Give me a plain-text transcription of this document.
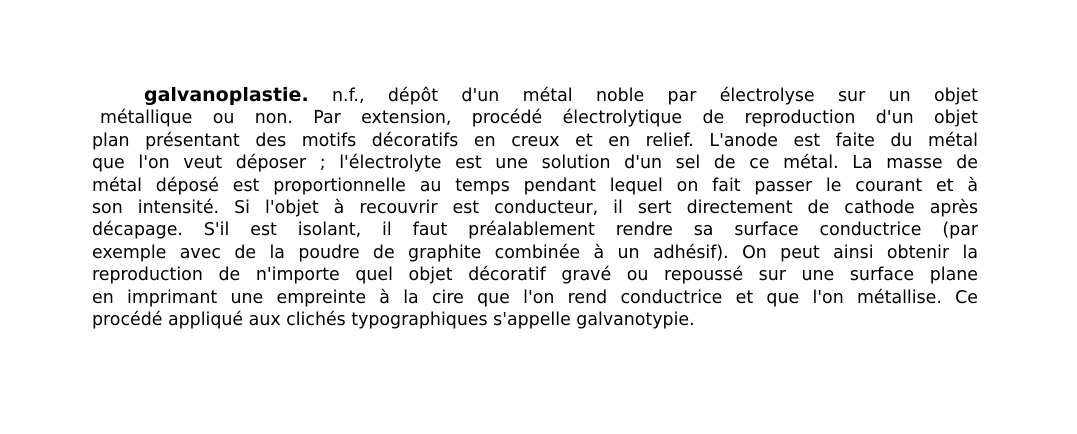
galvanoplastie. n.f., dépôt d'un métal noble par électrolyse sur un objet
métallique ou non. Par extension, procédé électrolytique de reproduction d'un objet
plan présentant des motifs décoratifs en creux et en relief. L'anode est faite du métal
que l'on veut déposer ; l'électrolyte est une solution d'un sel de ce métal. La masse de
métal déposé est proportionnelle au temps pendant lequel on fait passer le courant et à
son intensité. Si l'objet à recouvrir est conducteur, il sert directement de cathode après
décapage. S'il est isolant, il faut préalablement rendre sa surface conductrice (par
exemple avec de la poudre de graphite combinée à un adhésif). On peut ainsi obtenir la
reproduction de n'importe quel objet décoratif gravé ou repoussé sur une surface plane
en imprimant une empreinte à la cire que l'on rend conductrice et que l'on métallise. Ce
procédé appliqué aux clichés typographiques s'appelle galvanotypie.
